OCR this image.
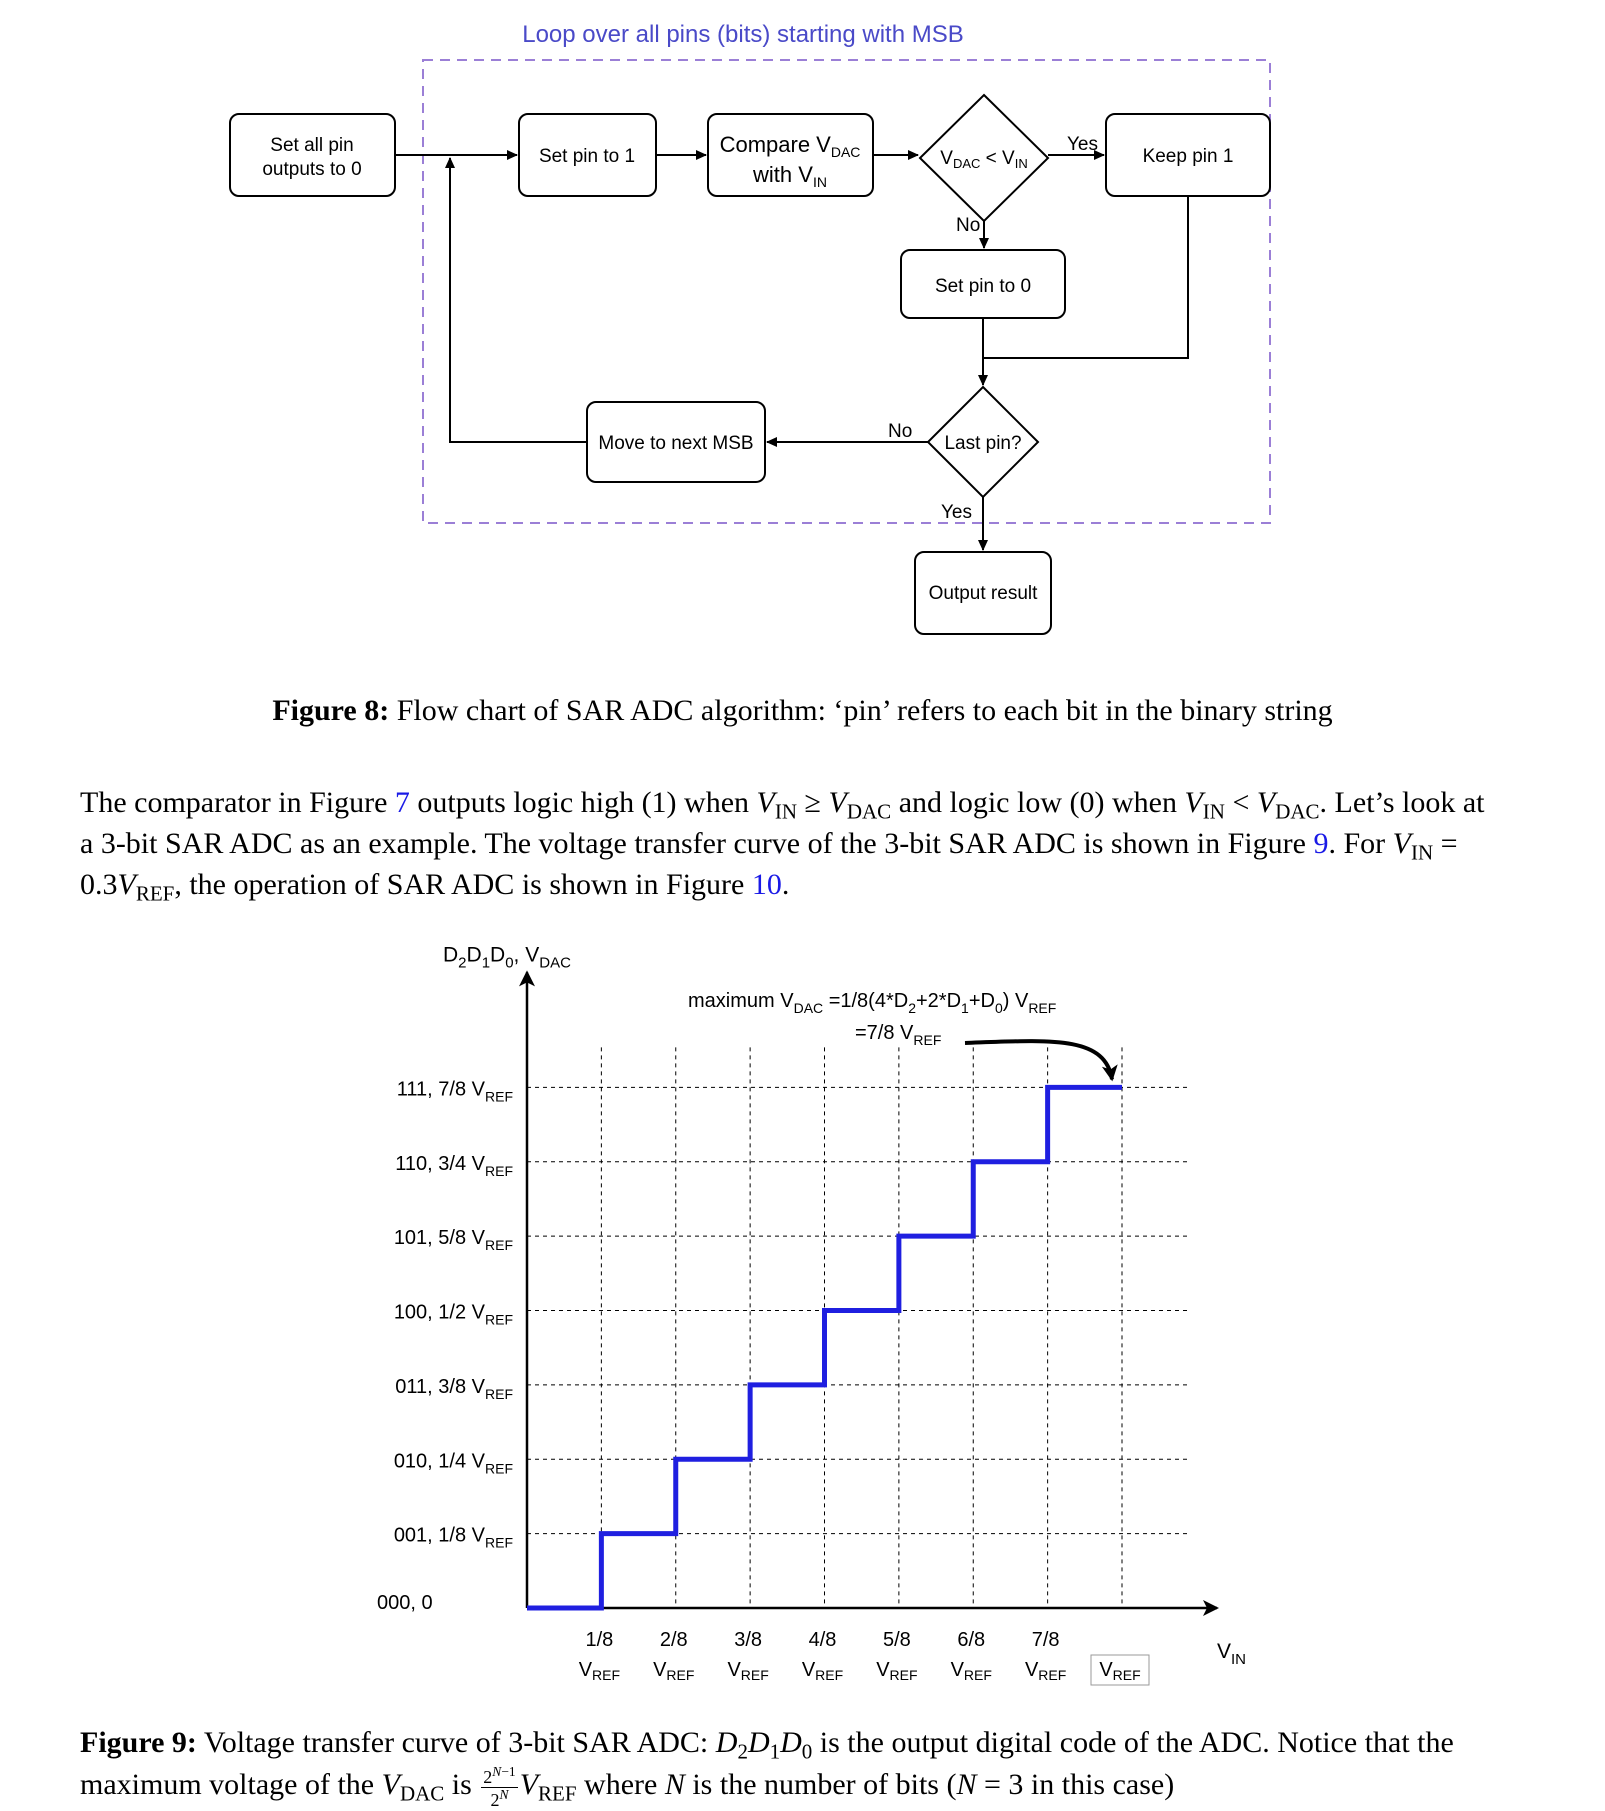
Loop over all pins (bits) starting with MSB
Set all pin
outputs to 0
Set pin to 1	Compare $V_{DAC}$
with $V_{IN}$
$V_{DAC} < V_{IN}$	Keep pin 1
Set pin to 0
Last pin?
Move to next MSB
Output result
Yes
No
No
Yes
$D_2D_1D_0$, $V_{DAC}$
$V_{IN}$
000, 0
001, 1/8 $V_{REF}$
010, 1/4 $V_{REF}$
011, 3/8 $V_{REF}$
100, 1/2 $V_{REF}$
101, 5/8 $V_{REF}$
110, 3/4 $V_{REF}$
111, 7/8 $V_{REF}$
1/8
$V_{REF}$
2/8
$V_{REF}$
3/8
$V_{REF}$
4/8
$V_{REF}$
5/8
$V_{REF}$
6/8
$V_{REF}$
7/8
$V_{REF}$ $V_{REF}$
maximum $V_{DAC} =1/8(4*D_2+2*D_1+D_0)$ $V_{REF}$
=7/8 $V_{REF}$
Figure 8: Flow chart of SAR ADC algorithm: ‘pin’ refers to each bit in the binary string
The comparator in Figure 7 outputs logic high (1) when $V_{IN} \ge V_{DAC}$ and logic low (0) when $V_{IN} < V_{DAC}$. Let’s look at a 3-bit SAR ADC as an example. The voltage transfer curve of the 3-bit SAR ADC is shown in Figure 9. For $V_{IN} = 0.3V_{REF}$, the operation of SAR ADC is shown in Figure 10.
Figure 9: Voltage transfer curve of 3-bit SAR ADC: $D_2D_1D_0$ is the output digital code of the ADC. Notice that the maximum voltage of the $V_{DAC}$ is $\frac{2^{N-1}}{2^N} V_{REF}$ where N is the number of bits (N = 3 in this case)
